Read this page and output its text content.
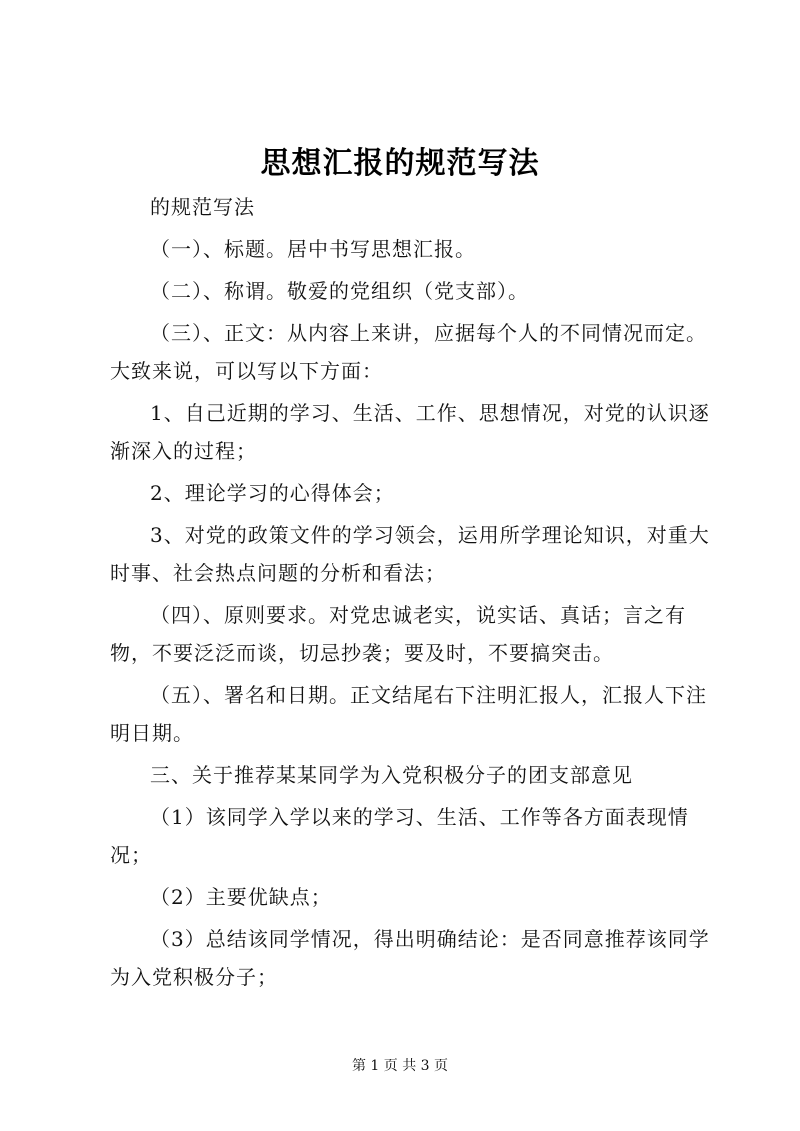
思想汇报的规范写法

的规范写法

（一）、标题。居中书写思想汇报。

（二）、称谓。敬爱的党组织（党支部）。

（三）、正文：从内容上来讲，应据每个人的不同情况而定。大致来说，可以写以下方面：

1、自己近期的学习、生活、工作、思想情况，对党的认识逐渐深入的过程；

2、理论学习的心得体会；

3、对党的政策文件的学习领会，运用所学理论知识，对重大时事、社会热点问题的分析和看法；

（四）、原则要求。对党忠诚老实，说实话、真话；言之有物，不要泛泛而谈，切忌抄袭；要及时，不要搞突击。

（五）、署名和日期。正文结尾右下注明汇报人，汇报人下注明日期。

三、关于推荐某某同学为入党积极分子的团支部意见

（1）该同学入学以来的学习、生活、工作等各方面表现情况；

（2）主要优缺点；

（3）总结该同学情况，得出明确结论：是否同意推荐该同学为入党积极分子；

第 1 页 共 3 页
